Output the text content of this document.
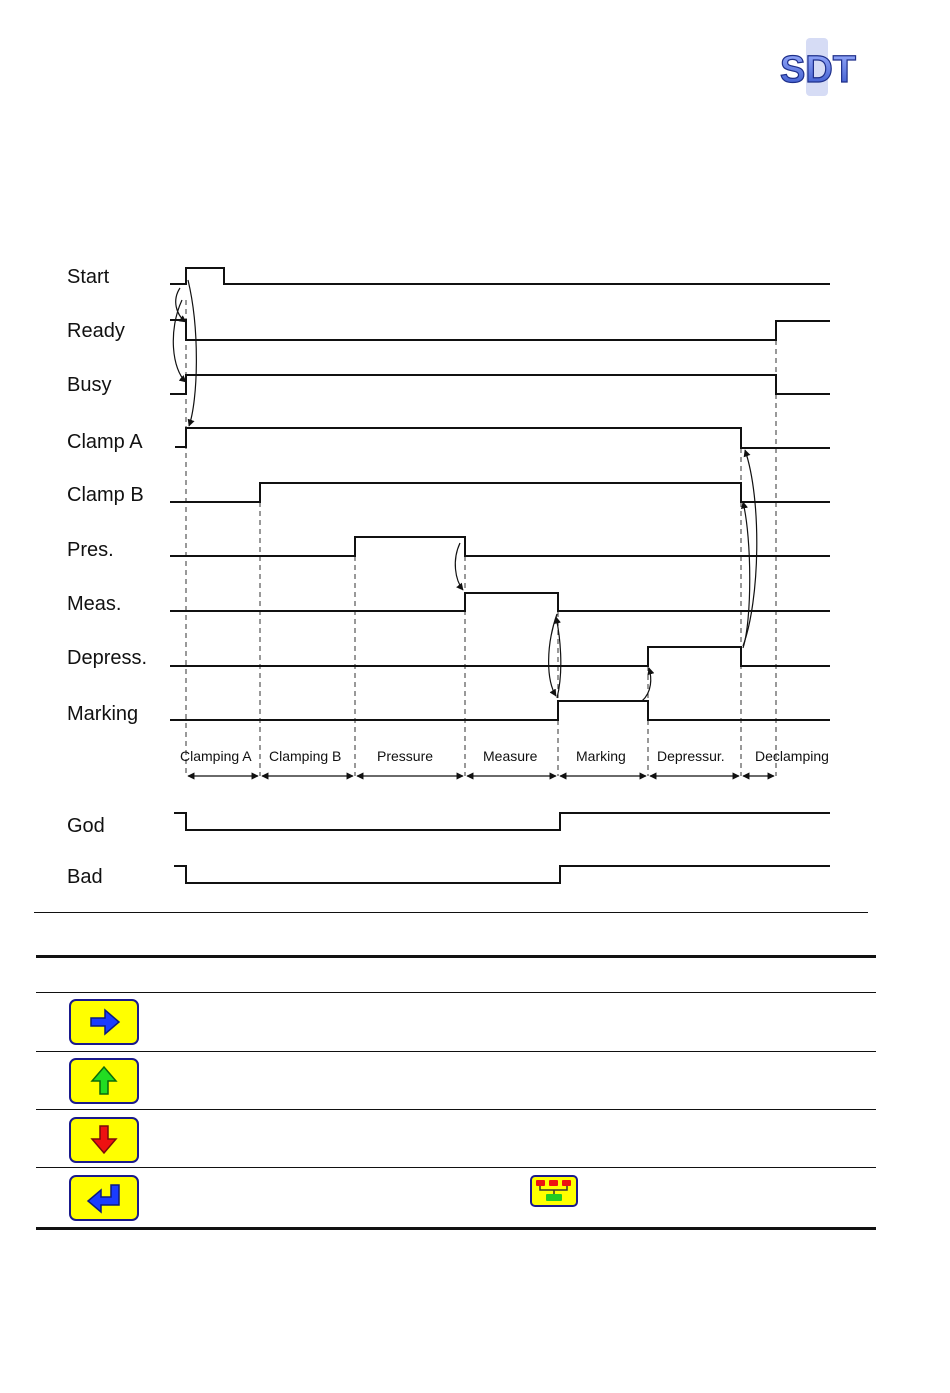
SDT
Start
Ready
Busy
Clamp A
Clamp B
Pres.
Meas.
Depress.
Marking
God
Bad
Clamping A Clamping B	Pressure	Measure	Marking Depressur. Declamping
